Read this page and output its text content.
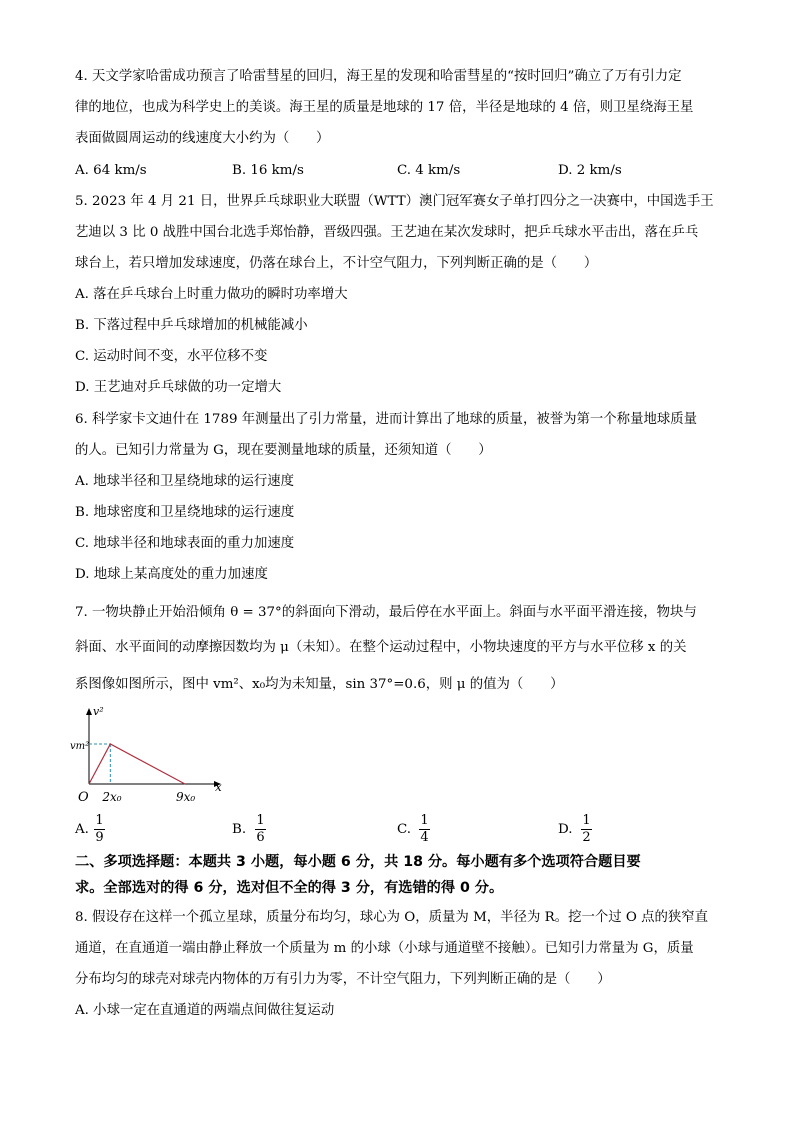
4. 天文学家哈雷成功预言了哈雷彗星的回归，海王星的发现和哈雷彗星的“按时回归”确立了万有引力定
律的地位，也成为科学史上的美谈。海王星的质量是地球的 17 倍，半径是地球的 4 倍，则卫星绕海王星
表面做圆周运动的线速度大小约为（　　）
A. 64 km/s	B. 16 km/s	C. 4 km/s	D. 2 km/s
5. 2023 年 4 月 21 日，世界乒乓球职业大联盟（WTT）澳门冠军赛女子单打四分之一决赛中，中国选手王
艺迪以 3 比 0 战胜中国台北选手郑怡静，晋级四强。王艺迪在某次发球时，把乒乓球水平击出，落在乒乓
球台上，若只增加发球速度，仍落在球台上，不计空气阻力，下列判断正确的是（　　）
A. 落在乒乓球台上时重力做功的瞬时功率增大
B. 下落过程中乒乓球增加的机械能减小
C. 运动时间不变，水平位移不变
D. 王艺迪对乒乓球做的功一定增大
6. 科学家卡文迪什在 1789 年测量出了引力常量，进而计算出了地球的质量，被誉为第一个称量地球质量
的人。已知引力常量为 G，现在要测量地球的质量，还须知道（　　）
A. 地球半径和卫星绕地球的运行速度
B. 地球密度和卫星绕地球的运行速度
C. 地球半径和地球表面的重力加速度
D. 地球上某高度处的重力加速度
7. 一物块静止开始沿倾角 θ = 37°的斜面向下滑动，最后停在水平面上。斜面与水平面平滑连接，物块与
斜面、水平面间的动摩擦因数均为 μ（未知）。在整个运动过程中，小物块速度的平方与水平位移 x 的关
系图像如图所示，图中 vm²、x₀均为未知量，sin 37°=0.6，则 μ 的值为（　　）
v²
x
O
vm²
2x₀	9x₀
A.
1
9
B.
1
6
C.
1
4
D.
1
2
二、多项选择题：本题共 3 小题，每小题 6 分，共 18 分。每小题有多个选项符合题目要
求。全部选对的得 6 分，选对但不全的得 3 分，有选错的得 0 分。
8. 假设存在这样一个孤立星球，质量分布均匀，球心为 O，质量为 M，半径为 R。挖一个过 O 点的狭窄直
通道，在直通道一端由静止释放一个质量为 m 的小球（小球与通道壁不接触）。已知引力常量为 G，质量
分布均匀的球壳对球壳内物体的万有引力为零，不计空气阻力，下列判断正确的是（　　）
A. 小球一定在直通道的两端点间做往复运动
